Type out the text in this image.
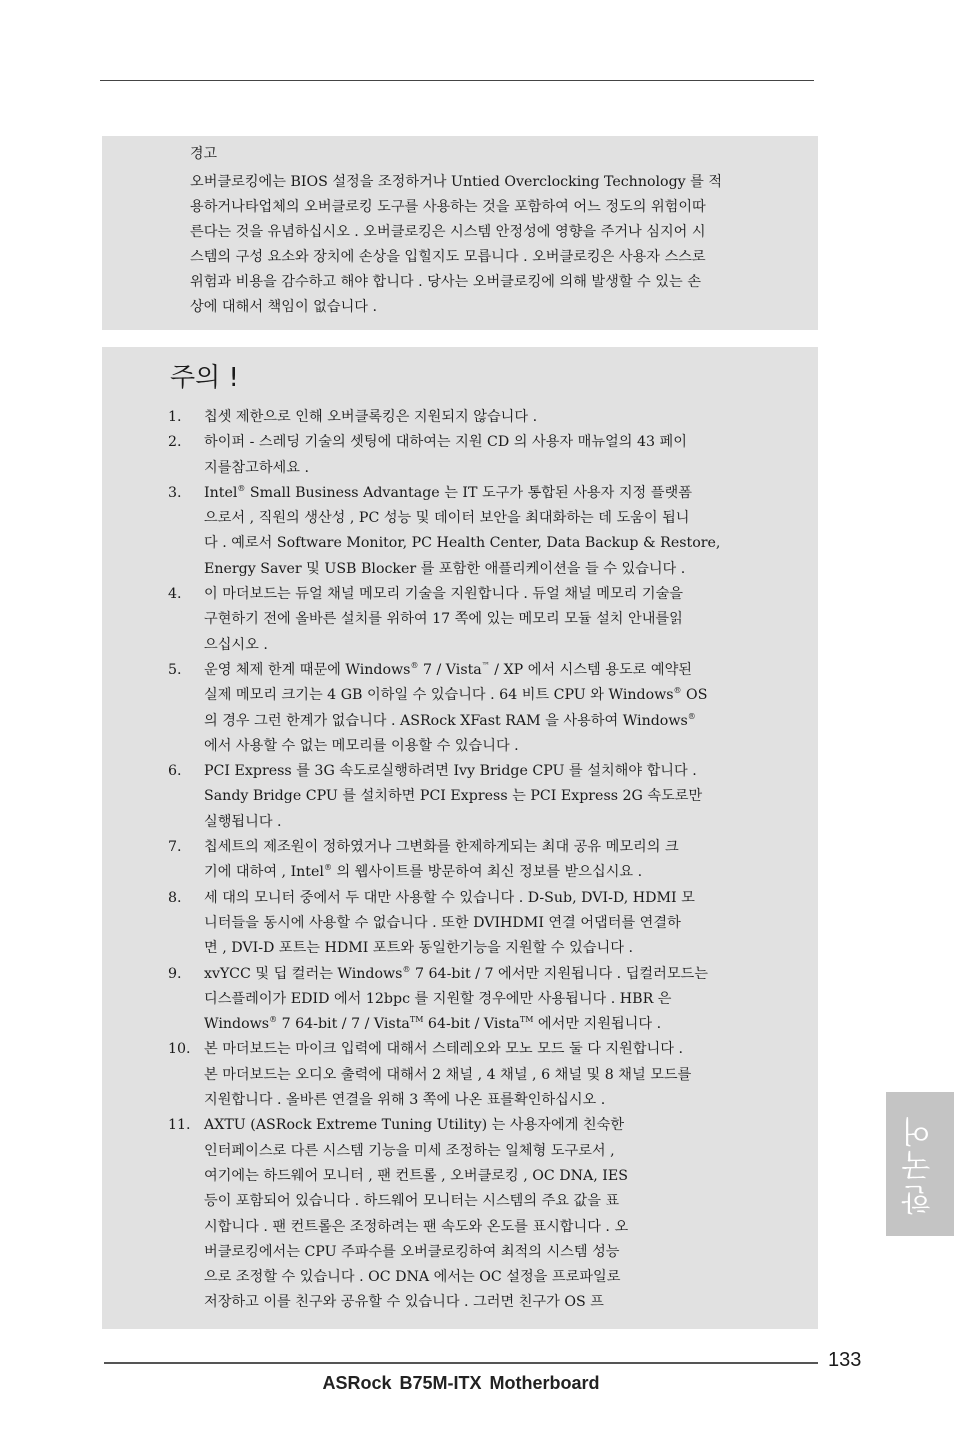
경고
오버클로킹에는 BIOS 설정을 조정하거나 Untied Overclocking Technology 를 적
용하거나타업체의 오버클로킹 도구를 사용하는 것을 포함하여 어느 정도의 위험이따
른다는 것을 유념하십시오 . 오버클로킹은 시스템 안정성에 영향을 주거나 심지어 시
스템의 구성 요소와 장치에 손상을 입힐지도 모릅니다 . 오버클로킹은 사용자 스스로
위험과 비용을 감수하고 해야 합니다 . 당사는 오버클로킹에 의해 발생할 수 있는 손
상에 대해서 책임이 없습니다 .
주의 !
1. 칩셋 제한으로 인해 오버클록킹은 지원되지 않습니다 .
2. 하이퍼 - 스레딩 기술의 셋팅에 대하여는 지원 CD 의 사용자 매뉴얼의 43 페이
지를참고하세요 .
3. Intel® Small Business Advantage 는 IT 도구가 통합된 사용자 지정 플랫폼
으로서 , 직원의 생산성 , PC 성능 및 데이터 보안을 최대화하는 데 도움이 됩니
다 . 예로서 Software Monitor, PC Health Center, Data Backup & Restore,
Energy Saver 및 USB Blocker 를 포함한 애플리케이션을 들 수 있습니다 .
4. 이 마더보드는 듀얼 채널 메모리 기술을 지원합니다 . 듀얼 채널 메모리 기술을
구현하기 전에 올바른 설치를 위하여 17 쪽에 있는 메모리 모듈 설치 안내를읽
으십시오 .
5. 운영 체제 한계 때문에 Windows® 7 / Vista™ / XP 에서 시스템 용도로 예약된
실제 메모리 크기는 4 GB 이하일 수 있습니다 . 64 비트 CPU 와 Windows® OS
의 경우 그런 한계가 없습니다 . ASRock XFast RAM 을 사용하여 Windows®
에서 사용할 수 없는 메모리를 이용할 수 있습니다 .
6. PCI Express 를 3G 속도로실행하려면 Ivy Bridge CPU 를 설치해야 합니다 .
Sandy Bridge CPU 를 설치하면 PCI Express 는 PCI Express 2G 속도로만
실행됩니다 .
7. 칩세트의 제조원이 정하였거나 그변화를 한제하게되는 최대 공유 메모리의 크
기에 대하여 , Intel® 의 웹사이트를 방문하여 최신 정보를 받으십시요 .
8. 세 대의 모니터 중에서 두 대만 사용할 수 있습니다 . D-Sub, DVI-D, HDMI 모
니터들을 동시에 사용할 수 없습니다 . 또한 DVIHDMI 연결 어댑터를 연결하
면 , DVI-D 포트는 HDMI 포트와 동일한기능을 지원할 수 있습니다 .
9. xvYCC 및 딥 컬러는 Windows® 7 64-bit / 7 에서만 지원됩니다 . 딥컬러모드는
디스플레이가 EDID 에서 12bpc 를 지원할 경우에만 사용됩니다 . HBR 은
Windows® 7 64-bit / 7 / Vista™ 64-bit / Vista™ 에서만 지원됩니다 .
10. 본 마더보드는 마이크 입력에 대해서 스테레오와 모노 모드 둘 다 지원합니다 .
본 마더보드는 오디오 출력에 대해서 2 채널 , 4 채널 , 6 채널 및 8 채널 모드를
지원합니다 . 올바른 연결을 위해 3 쪽에 나온 표를확인하십시오 .
11. AXTU (ASRock Extreme Tuning Utility) 는 사용자에게 친숙한
인터페이스로 다른 시스템 기능을 미세 조정하는 일체형 도구로서 ,
여기에는 하드웨어 모니터 , 팬 컨트롤 , 오버클로킹 , OC DNA, IES
등이 포함되어 있습니다 . 하드웨어 모니터는 시스템의 주요 값을 표
시합니다 . 팬 컨트롤은 조정하려는 팬 속도와 온도를 표시합니다 . 오
버클로킹에서는 CPU 주파수를 오버클로킹하여 최적의 시스템 성능
으로 조정할 수 있습니다 . OC DNA 에서는 OC 설정을 프로파일로
저장하고 이를 친구와 공유할 수 있습니다 . 그러면 친구가 OS 프
한국어
133
ASRock B75M-ITX Motherboard
